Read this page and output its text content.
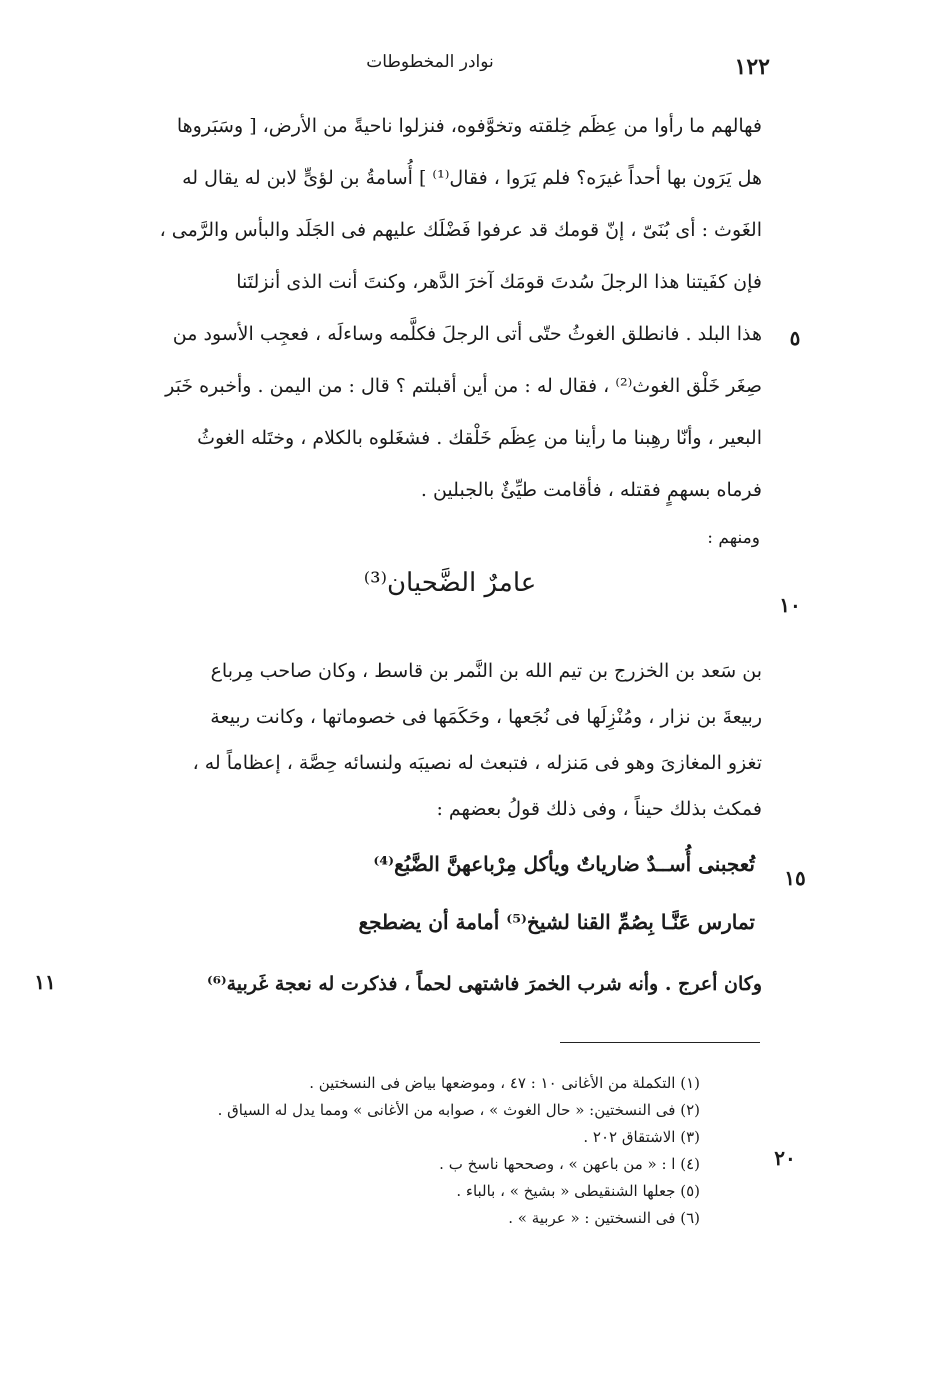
نوادر المخطوطات	١٢٢
فهالهم ما رأوا من عِظَم خِلقته وتخوَّفوه، فنزلوا ناحيةً من الأرض، [ وسَبَروها
هل يَرَون بها أحداً غيرَه؟ فلم يَرَوا ، فقال⁽¹⁾ ] أُسامةُ بن لؤىٍّ لابن له يقال له
الغَوث : أى بُنَىّ ، إنّ قومك قد عرفوا فَضْلَك عليهم فى الجَلَد والبأس والرَّمى ،
فإن كفَيتنا هذا الرجلَ سُدتَ قومَك آخرَ الدَّهر، وكنتَ أنت الذى أنزلتَنا
هذا البلد . فانطلق الغوثُ حتّى أتى الرجلَ فكلَّمه وساءلَه ، فعجِب الأسود من
صِغَر خَلْق الغوث⁽²⁾ ، فقال له : من أين أقبلتم ؟ قال : من اليمن . وأخبره خَبَر
البعير ، وأنّا رهِبنا ما رأينا من عِظَم خَلْقك . فشغَلوه بالكلام ، وختَله الغوثُ
فرماه بسهمٍ فقتله ، فأقامت طيِّئٌ بالجبلين .
٥
ومنهم :
عامرٌ الضَّحيان⁽³⁾
١٠
بن سَعد بن الخزرج بن تيم الله بن النَّمر بن قاسط ، وكان صاحب مِرباع
ربيعةَ بن نزار ، ومُنْزِلَها فى نُجَعها ، وحَكَمَها فى خصوماتها ، وكانت ربيعة
تغزو المغازىَ وهو فى مَنزله ، فتبعث له نصيبَه ولنسائه حِصَّة ، إعظاماً له ،
فمكث بذلك حيناً ، وفى ذلك قولُ بعضهم :
تُعجبنى أُســدٌ ضارياتٌ ويأكل مِرْباعهنَّ الضَّبُع⁽⁴⁾
١٥
تمارس عَنَّـا بِصُمِّ القنا لشيخ⁽⁵⁾ أمامة أن يضطجع
وكان أعرج . وأنه شرب الخمرَ فاشتهى لحماً ، فذكرت له نعجة غَربية⁽⁶⁾
١١
(١) التكملة من الأغانى ١٠ : ٤٧ ، وموضعها بياض فى النسختين .
(٢) فى النسختين: « حال الغوث » ، صوابه من الأغانى » ومما يدل له السياق .
(٣) الاشتقاق ٢٠٢ .
(٤) ا : « من باعهن » ، وصححها ناسخ ب .
(٥) جعلها الشنقيطى « بشيخ » ، بالباء .
(٦) فى النسختين : « عربية » .
٢٠
